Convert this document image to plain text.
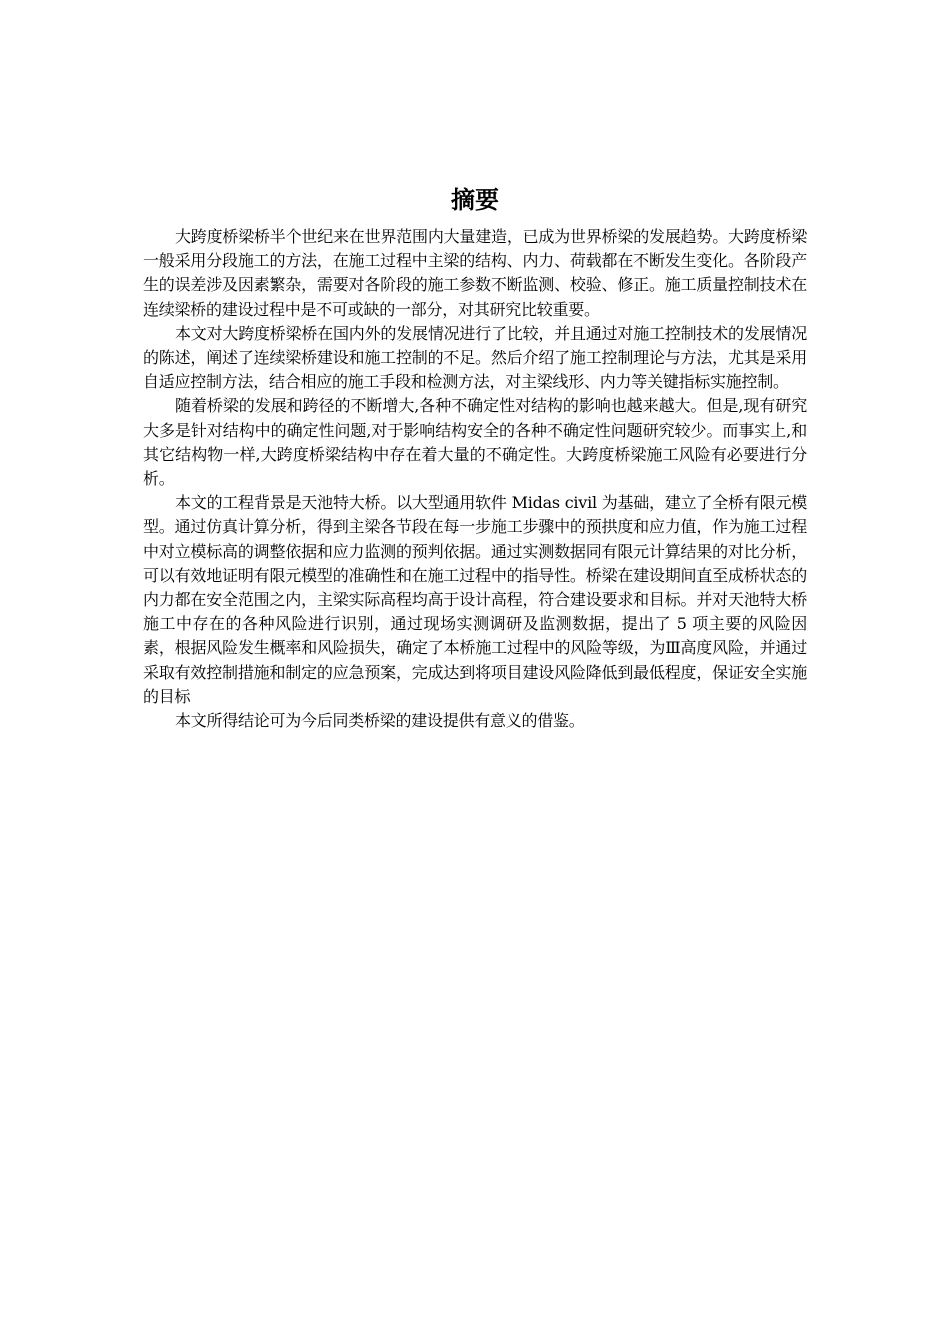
摘要

大跨度桥梁桥半个世纪来在世界范围内大量建造，已成为世界桥梁的发展趋势。大跨度桥梁一般采用分段施工的方法，在施工过程中主梁的结构、内力、荷载都在不断发生变化。各阶段产生的误差涉及因素繁杂，需要对各阶段的施工参数不断监测、校验、修正。施工质量控制技术在连续梁桥的建设过程中是不可或缺的一部分，对其研究比较重要。

本文对大跨度桥梁桥在国内外的发展情况进行了比较，并且通过对施工控制技术的发展情况的陈述，阐述了连续梁桥建设和施工控制的不足。然后介绍了施工控制理论与方法，尤其是采用自适应控制方法，结合相应的施工手段和检测方法，对主梁线形、内力等关键指标实施控制。

随着桥梁的发展和跨径的不断增大,各种不确定性对结构的影响也越来越大。但是,现有研究大多是针对结构中的确定性问题,对于影响结构安全的各种不确定性问题研究较少。而事实上,和其它结构物一样,大跨度桥梁结构中存在着大量的不确定性。大跨度桥梁施工风险有必要进行分析。

本文的工程背景是天池特大桥。以大型通用软件 Midas civil 为基础，建立了全桥有限元模型。通过仿真计算分析，得到主梁各节段在每一步施工步骤中的预拱度和应力值，作为施工过程中对立模标高的调整依据和应力监测的预判依据。通过实测数据同有限元计算结果的对比分析，可以有效地证明有限元模型的准确性和在施工过程中的指导性。桥梁在建设期间直至成桥状态的内力都在安全范围之内，主梁实际高程均高于设计高程，符合建设要求和目标。并对天池特大桥施工中存在的各种风险进行识别，通过现场实测调研及监测数据，提出了 5 项主要的风险因素，根据风险发生概率和风险损失，确定了本桥施工过程中的风险等级，为Ⅲ高度风险，并通过采取有效控制措施和制定的应急预案，完成达到将项目建设风险降低到最低程度，保证安全实施的目标

本文所得结论可为今后同类桥梁的建设提供有意义的借鉴。
